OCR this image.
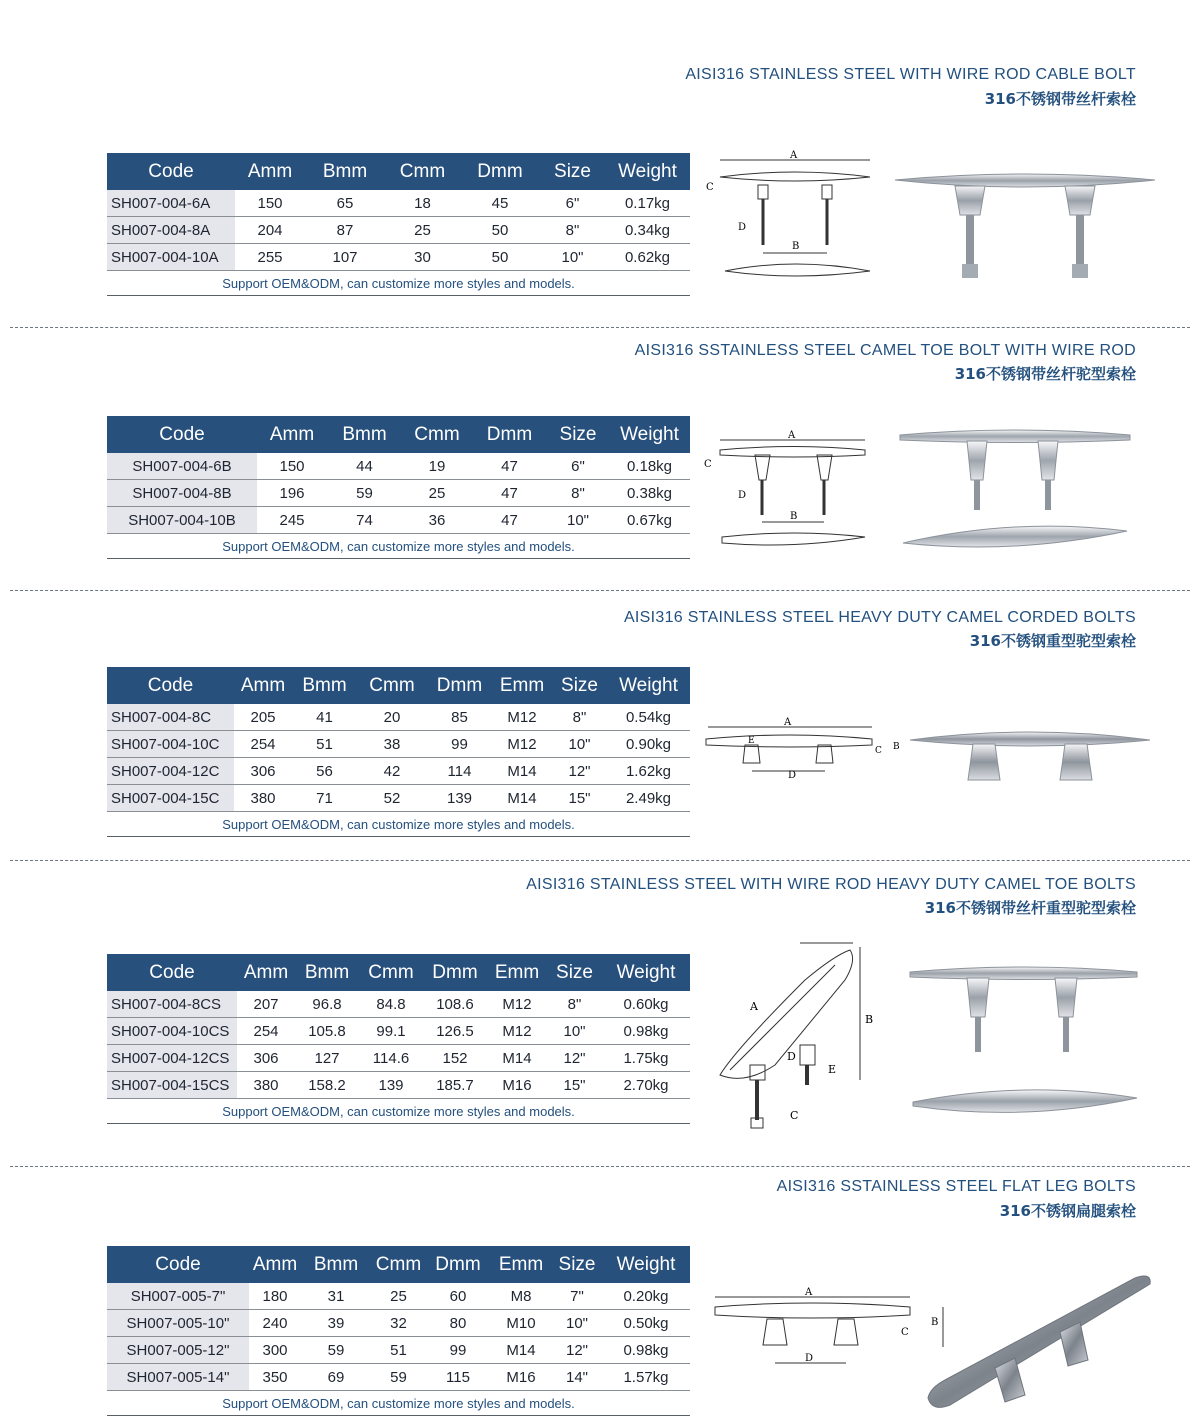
AISI316 STAINLESS STEEL WITH WIRE ROD CABLE BOLT
316不锈钢带丝杆索栓
Code	Amm	Bmm	Cmm	Dmm	Size	Weight
SH007-004-6A	150	65	18	45	6"	0.17kg
SH007-004-8A	204	87	25	50	8"	0.34kg
SH007-004-10A	255	107	30	50	10"	0.62kg
Support OEM&ODM, can customize more styles and models.						
A
C
D
B
AISI316 SSTAINLESS STEEL CAMEL TOE BOLT WITH WIRE ROD
316不锈钢带丝杆驼型索栓
Code	Amm	Bmm	Cmm	Dmm	Size	Weight
SH007-004-6B	150	44	19	47	6"	0.18kg
SH007-004-8B	196	59	25	47	8"	0.38kg
SH007-004-10B	245	74	36	47	10"	0.67kg
Support OEM&ODM, can customize more styles and models.						
A
C
D
B
AISI316 STAINLESS STEEL HEAVY DUTY CAMEL CORDED BOLTS
316不锈钢重型驼型索栓
Code	Amm	Bmm	Cmm	Dmm	Emm	Size	Weight
SH007-004-8C	205	41	20	85	M12	8"	0.54kg
SH007-004-10C	254	51	38	99	M12	10"	0.90kg
SH007-004-12C	306	56	42	114	M14	12"	1.62kg
SH007-004-15C	380	71	52	139	M14	15"	2.49kg
Support OEM&ODM, can customize more styles and models.							
A
E
C B
D
AISI316 STAINLESS STEEL WITH WIRE ROD HEAVY DUTY CAMEL TOE BOLTS
316不锈钢带丝杆重型驼型索栓
Code	Amm	Bmm	Cmm	Dmm	Emm	Size	Weight
SH007-004-8CS	207	96.8	84.8	108.6	M12	8"	0.60kg
SH007-004-10CS	254	105.8	99.1	126.5	M12	10"	0.98kg
SH007-004-12CS	306	127	114.6	152	M14	12"	1.75kg
SH007-004-15CS	380	158.2	139	185.7	M16	15"	2.70kg
Support OEM&ODM, can customize more styles and models.							
B
A
D
E
C
AISI316 SSTAINLESS STEEL FLAT LEG BOLTS
316不锈钢扁腿索栓
Code	Amm	Bmm	Cmm	Dmm	Emm	Size	Weight
SH007-005-7"	180	31	25	60	M8	7"	0.20kg
SH007-005-10"	240	39	32	80	M10	10"	0.50kg
SH007-005-12"	300	59	51	99	M14	12"	0.98kg
SH007-005-14"	350	69	59	115	M16	14"	1.57kg
Support OEM&ODM, can customize more styles and models.							
A
C
B
D
